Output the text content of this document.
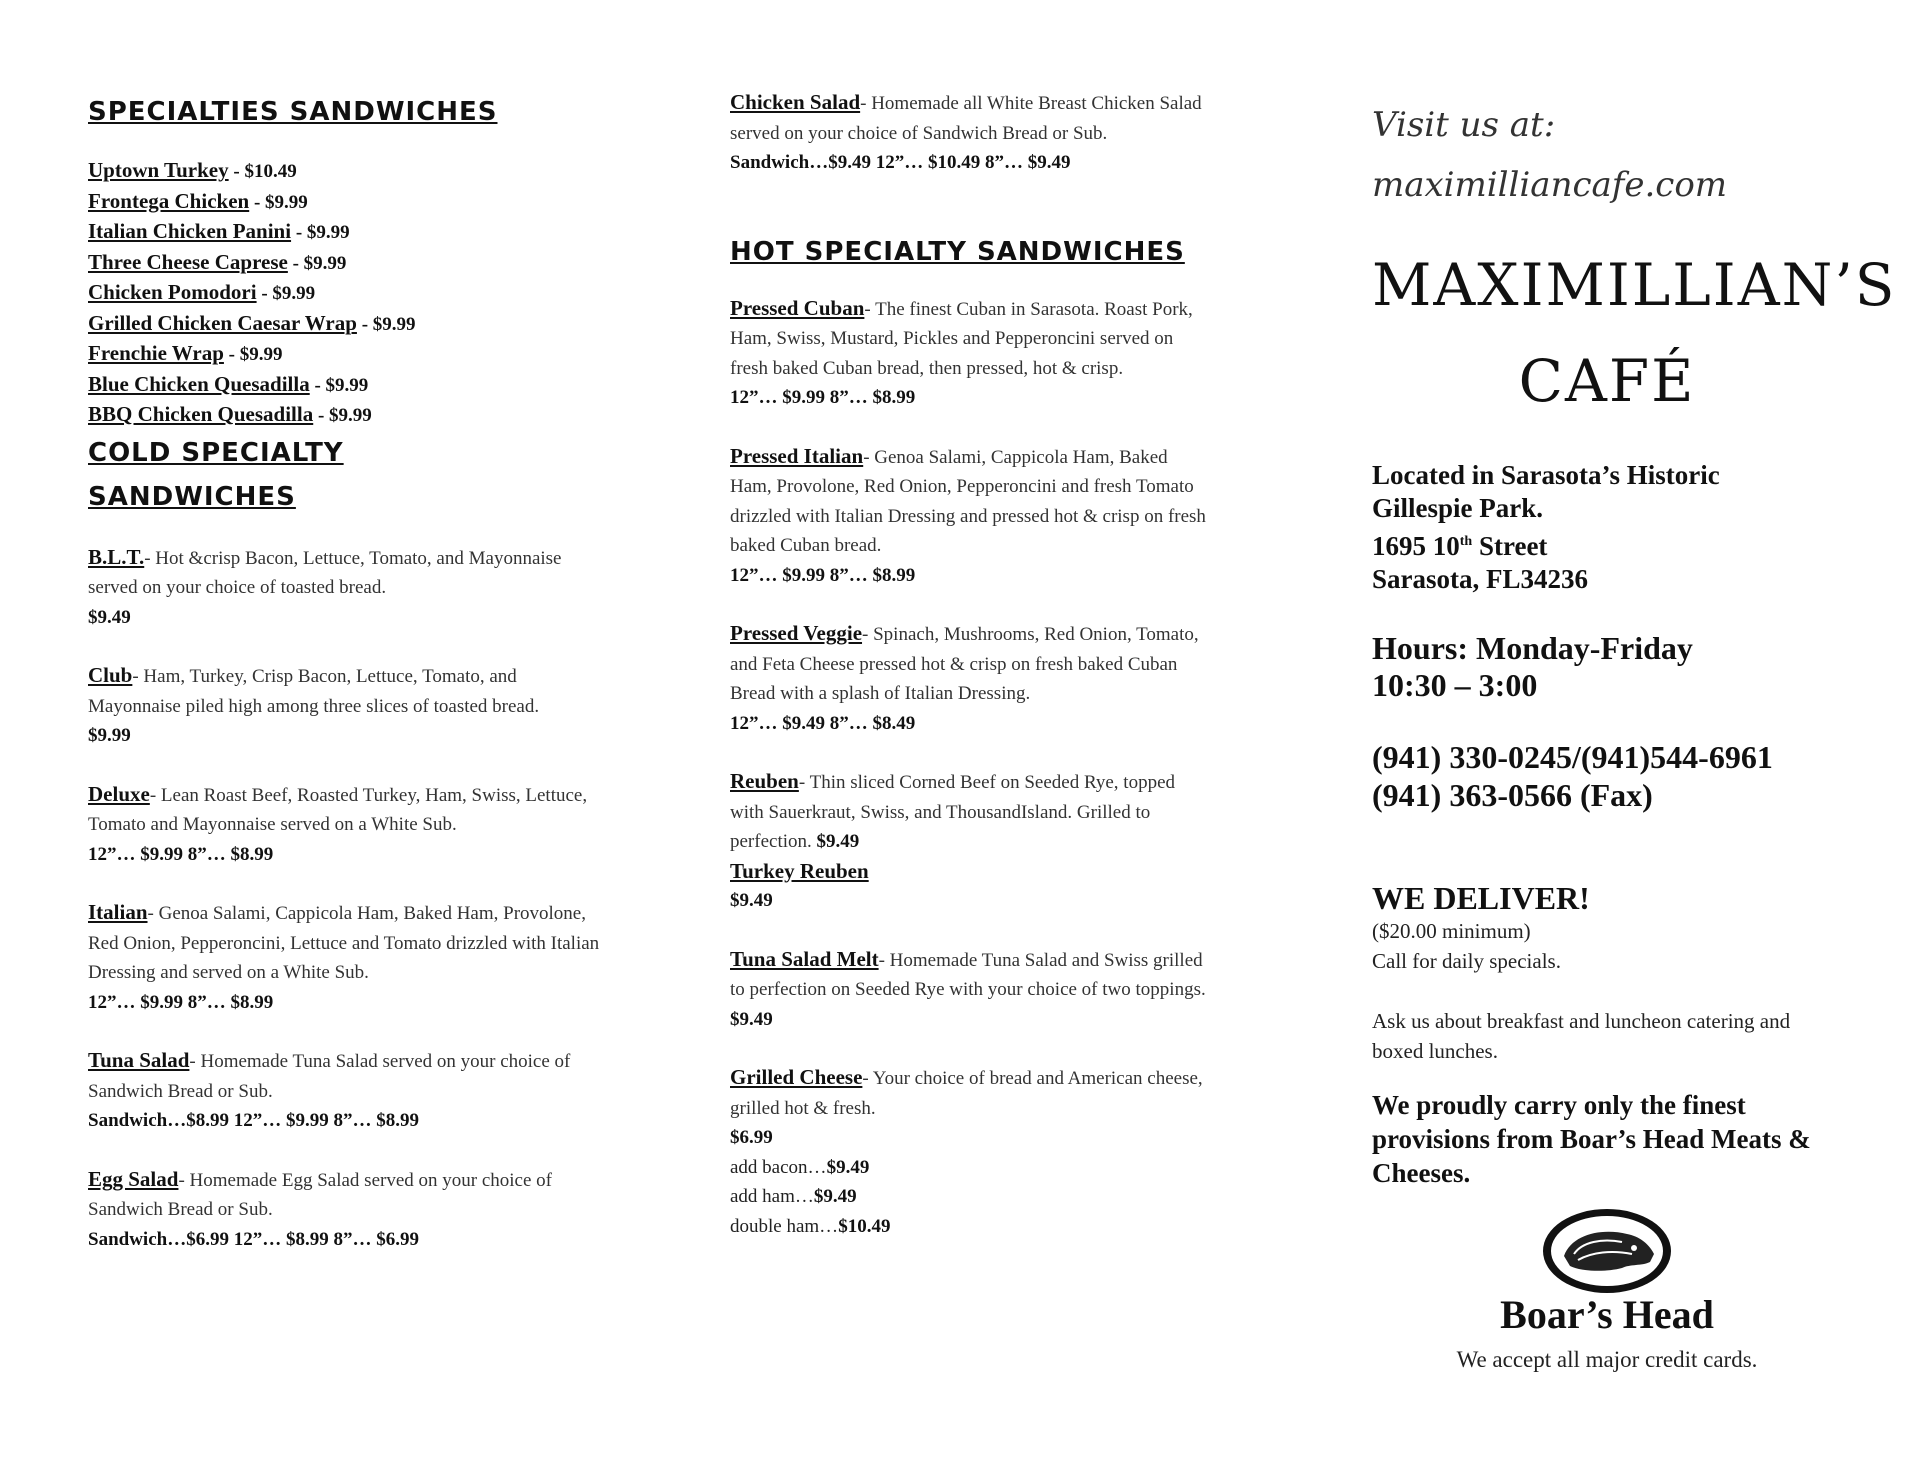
SPECIALTIES SANDWICHES
Uptown Turkey - $10.49
Frontega Chicken - $9.99
Italian Chicken Panini - $9.99
Three Cheese Caprese - $9.99
Chicken Pomodori - $9.99
Grilled Chicken Caesar Wrap - $9.99
Frenchie Wrap - $9.99
Blue Chicken Quesadilla - $9.99
BBQ Chicken Quesadilla - $9.99
COLD SPECIALTY
SANDWICHES
B.L.T.- Hot &crisp Bacon, Lettuce, Tomato, and Mayonnaise served on your choice of toasted bread.
$9.49
Club- Ham, Turkey, Crisp Bacon, Lettuce, Tomato, and Mayonnaise piled high among three slices of toasted bread.
$9.99
Deluxe- Lean Roast Beef, Roasted Turkey, Ham, Swiss, Lettuce, Tomato and Mayonnaise served on a White Sub.
12”… $9.99 8”… $8.99
Italian- Genoa Salami, Cappicola Ham, Baked Ham, Provolone, Red Onion, Pepperoncini, Lettuce and Tomato drizzled with Italian Dressing and served on a White Sub.
12”… $9.99 8”… $8.99
Tuna Salad- Homemade Tuna Salad served on your choice of Sandwich Bread or Sub.
Sandwich…$8.99 12”… $9.99 8”… $8.99
Egg Salad- Homemade Egg Salad served on your choice of Sandwich Bread or Sub.
Sandwich…$6.99 12”… $8.99 8”… $6.99
Chicken Salad- Homemade all White Breast Chicken Salad served on your choice of Sandwich Bread or Sub.
Sandwich…$9.49 12”… $10.49 8”… $9.49
HOT SPECIALTY SANDWICHES
Pressed Cuban- The finest Cuban in Sarasota. Roast Pork, Ham, Swiss, Mustard, Pickles and Pepperoncini served on fresh baked Cuban bread, then pressed, hot & crisp.
12”… $9.99 8”… $8.99
Pressed Italian- Genoa Salami, Cappicola Ham, Baked Ham, Provolone, Red Onion, Pepperoncini and fresh Tomato drizzled with Italian Dressing and pressed hot & crisp on fresh baked Cuban bread.
12”… $9.99 8”… $8.99
Pressed Veggie- Spinach, Mushrooms, Red Onion, Tomato, and Feta Cheese pressed hot & crisp on fresh baked Cuban Bread with a splash of Italian Dressing.
12”… $9.49 8”… $8.49
Reuben- Thin sliced Corned Beef on Seeded Rye, topped with Sauerkraut, Swiss, and ThousandIsland. Grilled to perfection. $9.49
Turkey Reuben
$9.49
Tuna Salad Melt- Homemade Tuna Salad and Swiss grilled to perfection on Seeded Rye with your choice of two toppings.
$9.49
Grilled Cheese- Your choice of bread and American cheese, grilled hot & fresh.
$6.99
add bacon…$9.49
add ham…$9.49
double ham…$10.49
Visit us at:
maximilliancafe.com
MAXIMILLIAN’S
CAFÉ
Located in Sarasota’s Historic
Gillespie Park.
1695 10th Street
Sarasota, FL34236
Hours: Monday-Friday
10:30 – 3:00
(941) 330-0245/(941)544-6961
(941) 363-0566 (Fax)
WE DELIVER!
($20.00 minimum)
Call for daily specials.
Ask us about breakfast and luncheon catering and boxed lunches.
We proudly carry only the finest provisions from Boar’s Head Meats & Cheeses.
Boar’s Head
We accept all major credit cards.
